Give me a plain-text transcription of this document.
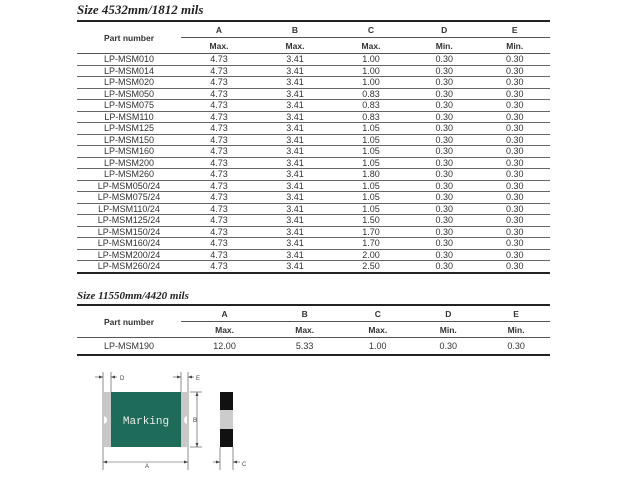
Size 4532mm/1812 mils
Part number	A	B	C	D	E
	Max.	Max.	Max.	Min.	Min.
LP-MSM010	4.73	3.41	1.00	0.30	0.30
LP-MSM014	4.73	3.41	1.00	0.30	0.30
LP-MSM020	4.73	3.41	1.00	0.30	0.30
LP-MSM050	4.73	3.41	0.83	0.30	0.30
LP-MSM075	4.73	3.41	0.83	0.30	0.30
LP-MSM110	4.73	3.41	0.83	0.30	0.30
LP-MSM125	4.73	3.41	1.05	0.30	0.30
LP-MSM150	4.73	3.41	1.05	0.30	0.30
LP-MSM160	4.73	3.41	1.05	0.30	0.30
LP-MSM200	4.73	3.41	1.05	0.30	0.30
LP-MSM260	4.73	3.41	1.80	0.30	0.30
LP-MSM050/24	4.73	3.41	1.05	0.30	0.30
LP-MSM075/24	4.73	3.41	1.05	0.30	0.30
LP-MSM110/24	4.73	3.41	1.05	0.30	0.30
LP-MSM125/24	4.73	3.41	1.50	0.30	0.30
LP-MSM150/24	4.73	3.41	1.70	0.30	0.30
LP-MSM160/24	4.73	3.41	1.70	0.30	0.30
LP-MSM200/24	4.73	3.41	2.00	0.30	0.30
LP-MSM260/24	4.73	3.41	2.50	0.30	0.30
Size 11550mm/4420 mils
Part number	A	B	C	D	E
	Max.	Max.	Max.	Min.	Min.
LP-MSM190	12.00	5.33	1.00	0.30	0.30
Marking
D	E
A
B
C
